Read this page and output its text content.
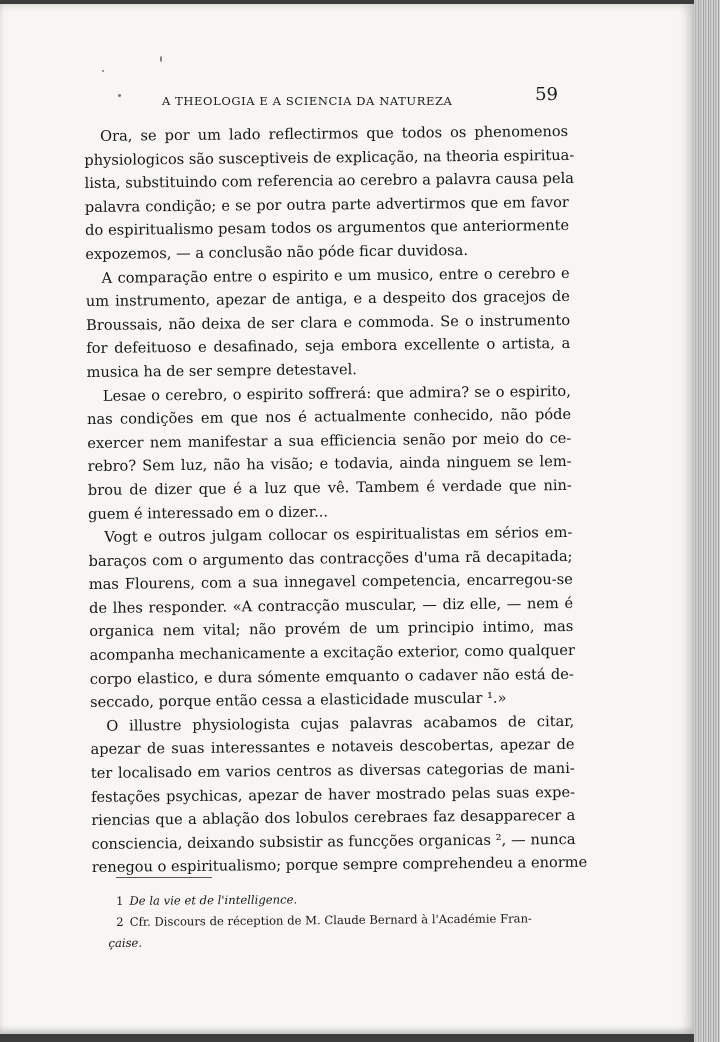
A THEOLOGIA E A SCIENCIA DA NATUREZA	59
Ora, se por um lado reflectirmos que todos os phenomenos
physiologicos são susceptiveis de explicação, na theoria espiritua-
lista, substituindo com referencia ao cerebro a palavra causa pela
palavra condição; e se por outra parte advertirmos que em favor
do espiritualismo pesam todos os argumentos que anteriormente
expozemos, — a conclusão não póde ficar duvidosa.
A comparação entre o espirito e um musico, entre o cerebro e
um instrumento, apezar de antiga, e a despeito dos gracejos de
Broussais, não deixa de ser clara e commoda. Se o instrumento
for defeituoso e desafinado, seja embora excellente o artista, a
musica ha de ser sempre detestavel.
Lesae o cerebro, o espirito soffrerá: que admira? se o espirito,
nas condições em que nos é actualmente conhecido, não póde
exercer nem manifestar a sua efficiencia senão por meio do ce-
rebro? Sem luz, não ha visão; e todavia, ainda ninguem se lem-
brou de dizer que é a luz que vê. Tambem é verdade que nin-
guem é interessado em o dizer...
Vogt e outros julgam collocar os espiritualistas em sérios em-
baraços com o argumento das contracções d'uma rã decapitada;
mas Flourens, com a sua innegavel competencia, encarregou-se
de lhes responder. «A contracção muscular, — diz elle, — nem é
organica nem vital; não provém de um principio intimo, mas
acompanha mechanicamente a excitação exterior, como qualquer
corpo elastico, e dura sómente emquanto o cadaver não está de-
seccado, porque então cessa a elasticidade muscular ¹.»
O illustre physiologista cujas palavras acabamos de citar,
apezar de suas interessantes e notaveis descobertas, apezar de
ter localisado em varios centros as diversas categorias de mani-
festações psychicas, apezar de haver mostrado pelas suas expe-
riencias que a ablação dos lobulos cerebraes faz desapparecer a
consciencia, deixando subsistir as funcções organicas ², — nunca
renegou o espiritualismo; porque sempre comprehendeu a enorme
1 De la vie et de l'intelligence.
2 Cfr. Discours de réception de M. Claude Bernard à l'Académie Fran-
çaise.
